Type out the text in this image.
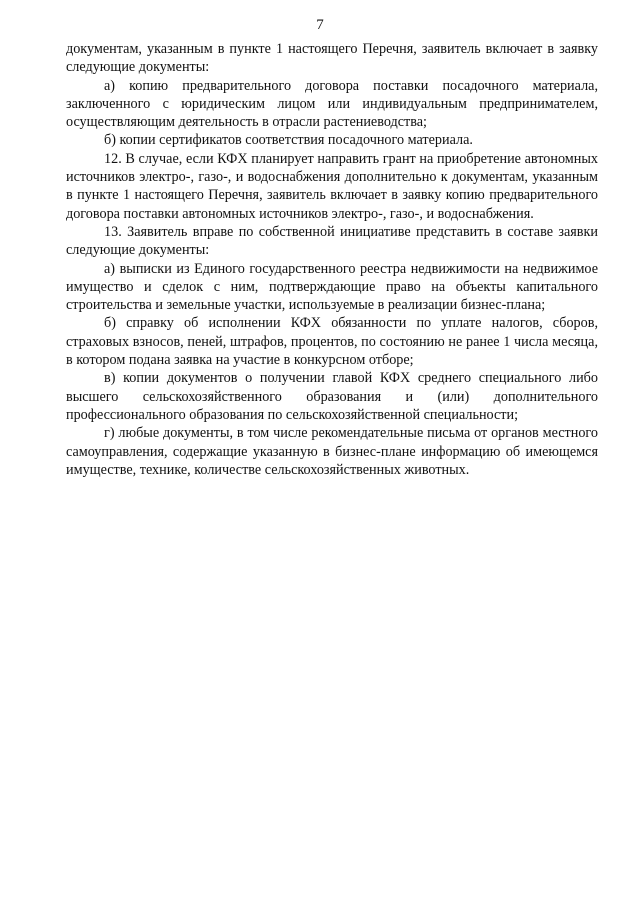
7

документам, указанным в пункте 1 настоящего Перечня, заявитель включает в заявку следующие документы:

а) копию предварительного договора поставки посадочного материала, заключенного с юридическим лицом или индивидуальным предпринимателем, осуществляющим деятельность в отрасли растениеводства;

б) копии сертификатов соответствия посадочного материала.

12. В случае, если КФХ планирует направить грант на приобретение автономных источников электро-, газо-, и водоснабжения дополнительно к документам, указанным в пункте 1 настоящего Перечня, заявитель включает в заявку копию предварительного договора поставки автономных источников электро-, газо-, и водоснабжения.

13. Заявитель вправе по собственной инициативе представить в составе заявки следующие документы:

а) выписки из Единого государственного реестра недвижимости на недвижимое имущество и сделок с ним, подтверждающие право на объекты капитального строительства и земельные участки, используемые в реализации бизнес-плана;

б) справку об исполнении КФХ обязанности по уплате налогов, сборов, страховых взносов, пеней, штрафов, процентов, по состоянию не ранее 1 числа месяца, в котором подана заявка на участие в конкурсном отборе;

в) копии документов о получении главой КФХ среднего специального либо высшего сельскохозяйственного образования и (или) дополнительного профессионального образования по сельскохозяйственной специальности;

г) любые документы, в том числе рекомендательные письма от органов местного самоуправления, содержащие указанную в бизнес-плане информацию об имеющемся имуществе, технике, количестве сельскохозяйственных животных.
